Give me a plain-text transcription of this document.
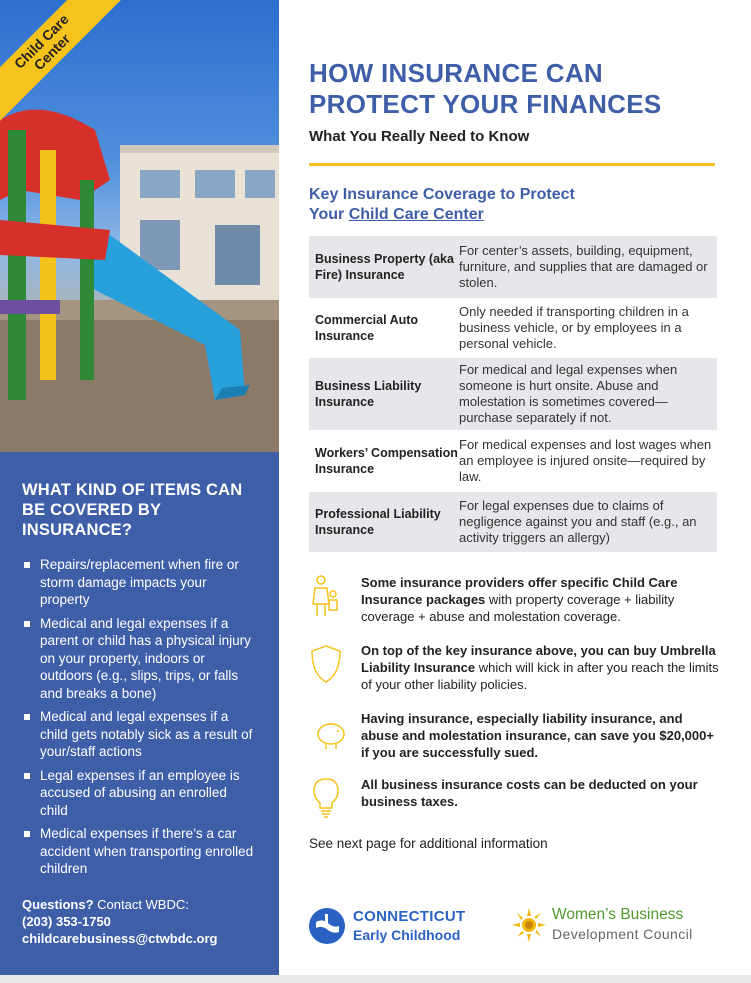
Child Care Center
WHAT KIND OF ITEMS CAN BE COVERED BY INSURANCE?
Repairs/replacement when fire or storm damage impacts your property
Medical and legal expenses if a parent or child has a physical injury on your property, indoors or outdoors (e.g., slips, trips, or falls and breaks a bone)
Medical and legal expenses if a child gets notably sick as a result of your/staff actions
Legal expenses if an employee is accused of abusing an enrolled child
Medical expenses if there’s a car accident when transporting enrolled children
Questions? Contact WBDC:
(203) 353-1750
childcarebusiness@ctwbdc.org
HOW INSURANCE CAN
PROTECT YOUR FINANCES
What You Really Need to Know
Key Insurance Coverage to Protect
Your Child Care Center
Business Property (aka Fire) Insurance
For center’s assets, building, equipment, furniture, and supplies that are damaged or stolen.
Commercial Auto Insurance
Only needed if transporting children in a business vehicle, or by employees in a personal vehicle.
Business Liability Insurance
For medical and legal expenses when someone is hurt onsite. Abuse and molestation is sometimes covered—purchase separately if not.
Workers’ Compensation Insurance
For medical expenses and lost wages when an employee is injured onsite—required by law.
Professional Liability Insurance
For legal expenses due to claims of negligence against you and staff (e.g., an activity triggers an allergy)
Some insurance providers offer specific Child Care Insurance packages with property coverage + liability coverage + abuse and molestation coverage.
On top of the key insurance above, you can buy Umbrella Liability Insurance which will kick in after you reach the limits of your other liability policies.
Having insurance, especially liability insurance, and abuse and molestation insurance, can save you $20,000+ if you are successfully sued.
All business insurance costs can be deducted on your business taxes.
See next page for additional information
CONNECTICUT
Early Childhood
Women’s Business
Development Council
